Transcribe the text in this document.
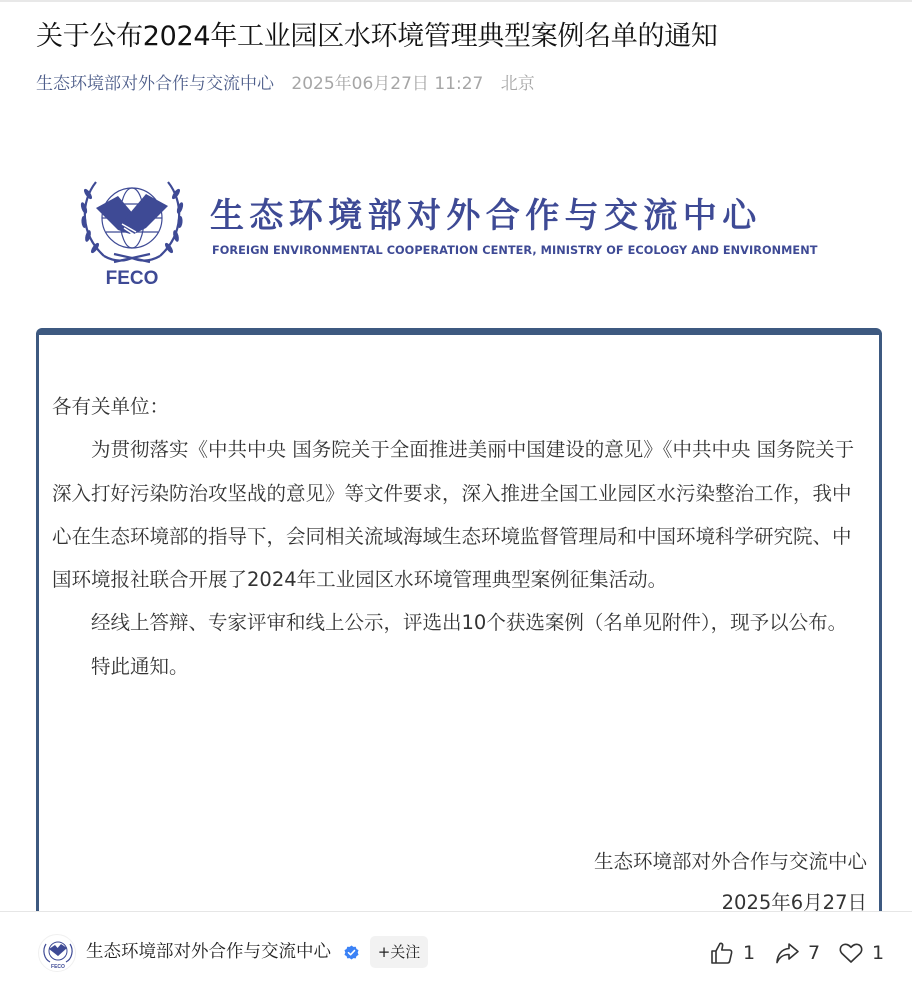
关于公布2024年工业园区水环境管理典型案例名单的通知
生态环境部对外合作与交流中心 2025年06月27日 11:27 北京
FECO
生态环境部对外合作与交流中心
FOREIGN ENVIRONMENTAL COOPERATION CENTER, MINISTRY OF ECOLOGY AND ENVIRONMENT

各有关单位：

为贯彻落实《中共中央 国务院关于全面推进美丽中国建设的意见》《中共中央 国务院关于深入打好污染防治攻坚战的意见》等文件要求，深入推进全国工业园区水污染整治工作，我中心在生态环境部的指导下，会同相关流域海域生态环境监督管理局和中国环境科学研究院、中国环境报社联合开展了2024年工业园区水环境管理典型案例征集活动。

经线上答辩、专家评审和线上公示，评选出10个获选案例（名单见附件），现予以公布。

特此通知。

生态环境部对外合作与交流中心
2025年6月27日
FECO
生态环境部对外合作与交流中心	+关注	1	7	1
